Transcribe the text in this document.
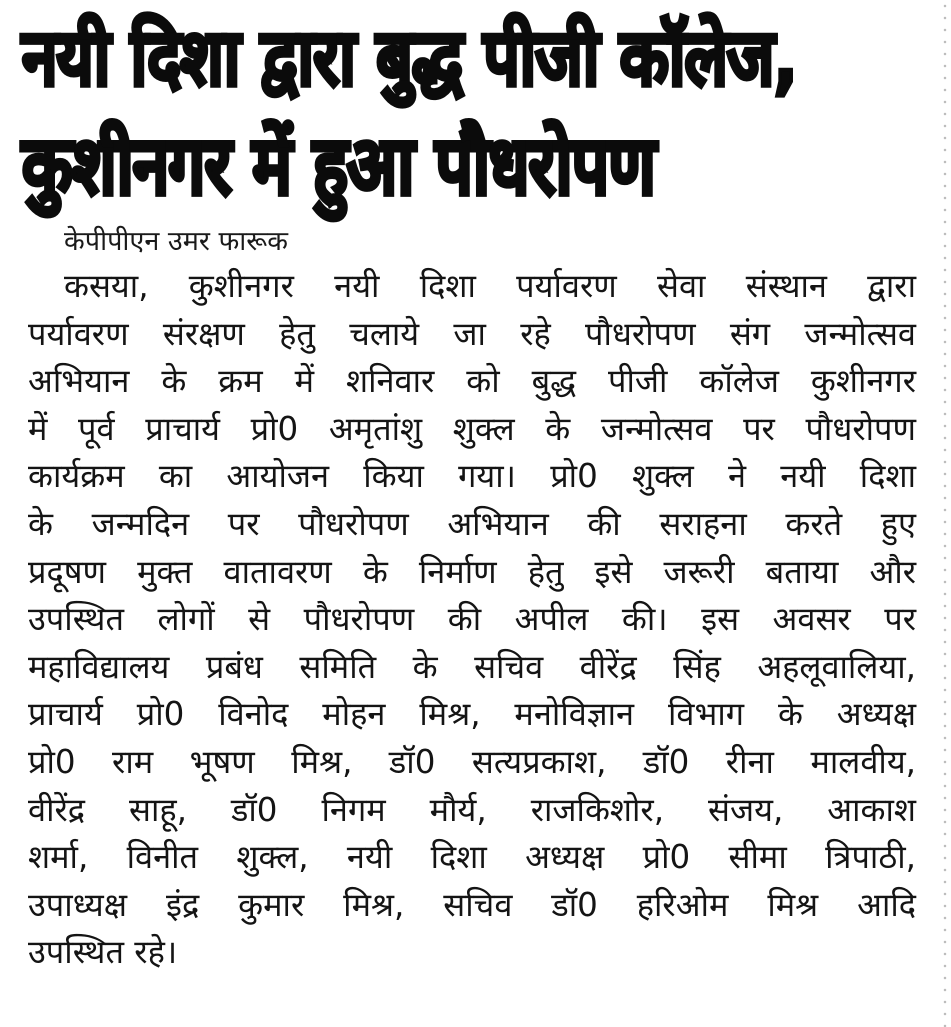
नयी दिशा द्वारा बुद्ध पीजी कॉलेज,
कुशीनगर में हुआ पौधरोपण
केपीपीएन उमर फारूक
कसया, कुशीनगर नयी दिशा पर्यावरण सेवा संस्थान द्वारा
पर्यावरण संरक्षण हेतु चलाये जा रहे पौधरोपण संग जन्मोत्सव
अभियान के क्रम में शनिवार को बुद्ध पीजी कॉलेज कुशीनगर
में पूर्व प्राचार्य प्रो0 अमृतांशु शुक्ल के जन्मोत्सव पर पौधरोपण
कार्यक्रम का आयोजन किया गया। प्रो0 शुक्ल ने नयी दिशा
के जन्मदिन पर पौधरोपण अभियान की सराहना करते हुए
प्रदूषण मुक्त वातावरण के निर्माण हेतु इसे जरूरी बताया और
उपस्थित लोगों से पौधरोपण की अपील की। इस अवसर पर
महाविद्यालय प्रबंध समिति के सचिव वीरेंद्र सिंह अहलूवालिया,
प्राचार्य प्रो0 विनोद मोहन मिश्र, मनोविज्ञान विभाग के अध्यक्ष
प्रो0 राम भूषण मिश्र, डॉ0 सत्यप्रकाश, डॉ0 रीना मालवीय,
वीरेंद्र साहू, डॉ0 निगम मौर्य, राजकिशोर, संजय, आकाश
शर्मा, विनीत शुक्ल, नयी दिशा अध्यक्ष प्रो0 सीमा त्रिपाठी,
उपाध्यक्ष इंद्र कुमार मिश्र, सचिव डॉ0 हरिओम मिश्र आदि
उपस्थित रहे।
